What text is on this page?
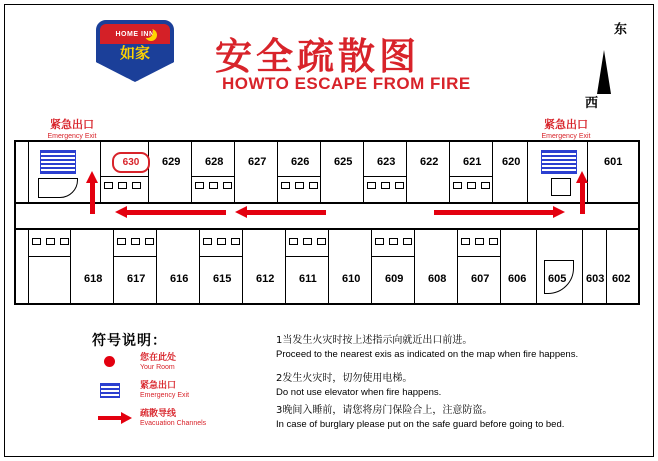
HOME INN
如家	安全疏散图
HOWTO ESCAPE FROM FIRE
东
西
紧急出口
Emergency Exit
紧急出口
Emergency Exit
630	629 628 627 626 625 623 622 621 620	601
618 617 616 615 612 611 610 609 608 607 606 605 603 602
符号说明：
您在此处
Your Room
紧急出口
Emergency Exit
疏散导线
Evacuation Channels
1当发生火灾时按上述指示向就近出口前进。
Proceed to the nearest exis as indicated on the map when fire happens.
2发生火灾时，切勿使用电梯。
Do not use elevator when fire happens.
3晚间入睡前，请您将房门保险合上，注意防盗。
In case of burglary please put on the safe guard before going to bed.
